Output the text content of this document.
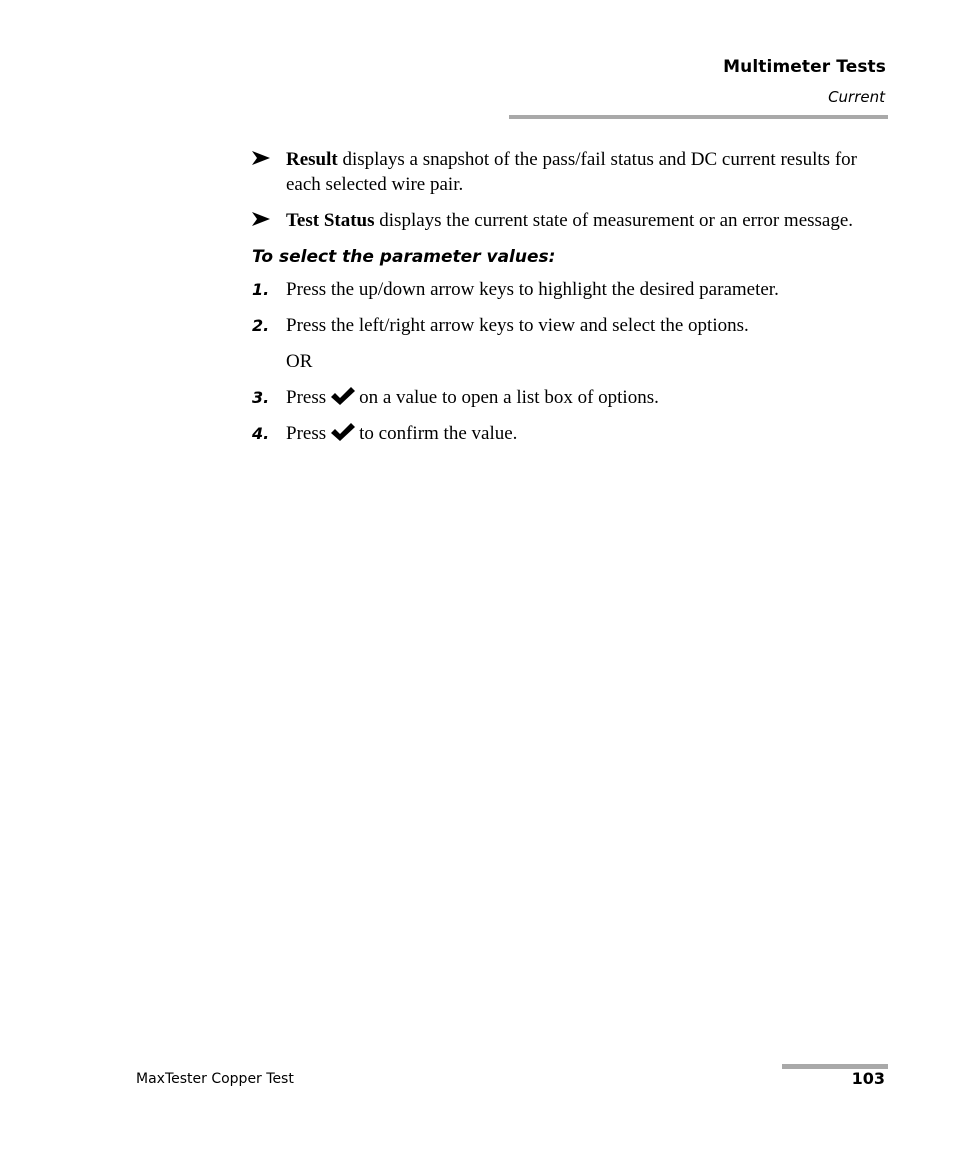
Multimeter Tests
Current
Result displays a snapshot of the pass/fail status and DC current results for each selected wire pair.
Test Status displays the current state of measurement or an error message.
To select the parameter values:
1. Press the up/down arrow keys to highlight the desired parameter.
2. Press the left/right arrow keys to view and select the options.
OR
3. Press on a value to open a list box of options.
4. Press to confirm the value.
MaxTester Copper Test	103
